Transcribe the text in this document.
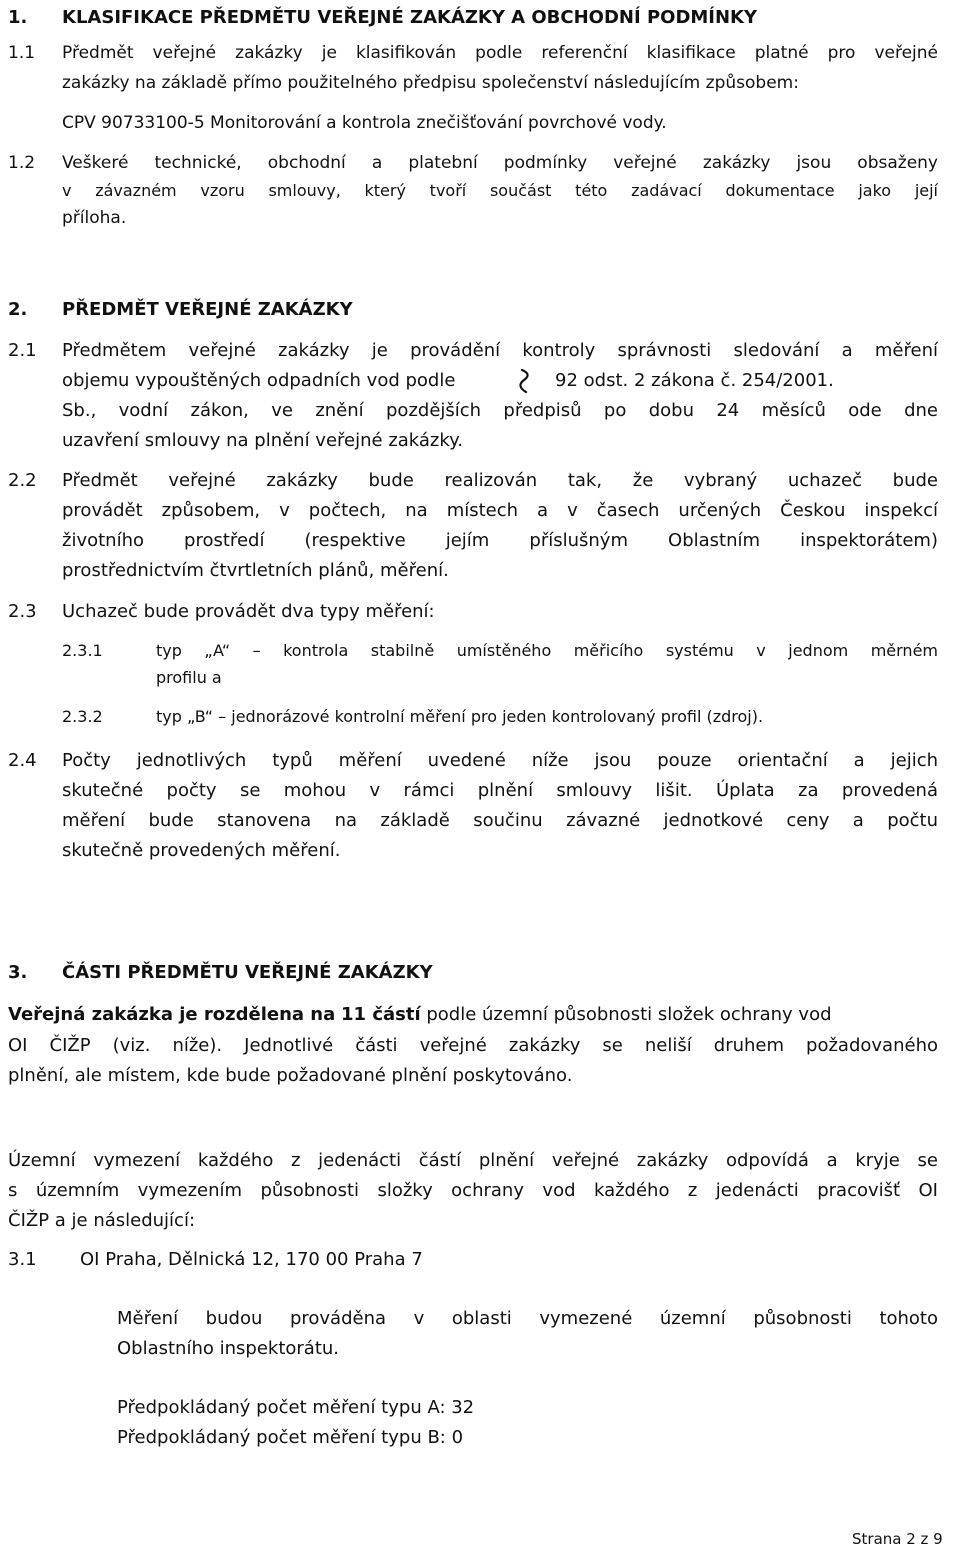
1. KLASIFIKACE PŘEDMĚTU VEŘEJNÉ ZAKÁZKY A OBCHODNÍ PODMÍNKY
1.1 Předmět veřejné zakázky je klasifikován podle referenční klasifikace platné pro veřejné
zakázky na základě přímo použitelného předpisu společenství následujícím způsobem:
CPV 90733100-5 Monitorování a kontrola znečišťování povrchové vody.
1.2 Veškeré technické, obchodní a platební podmínky veřejné zakázky jsou obsaženy
v závazném vzoru smlouvy, který tvoří součást této zadávací dokumentace jako její
příloha.
2. PŘEDMĚT VEŘEJNÉ ZAKÁZKY
2.1 Předmětem veřejné zakázky je provádění kontroly správnosti sledování a měření
objemu vypouštěných odpadních vod podle	92 odst. 2 zákona č. 254/2001.
Sb., vodní zákon, ve znění pozdějších předpisů po dobu 24 měsíců ode dne
uzavření smlouvy na plnění veřejné zakázky.
2.2 Předmět veřejné zakázky bude realizován tak, že vybraný uchazeč bude
provádět způsobem, v počtech, na místech a v časech určených Českou inspekcí
životního prostředí (respektive jejím příslušným Oblastním inspektorátem)
prostřednictvím čtvrtletních plánů, měření.
2.3 Uchazeč bude provádět dva typy měření:
2.3.1	typ „A“ – kontrola stabilně umístěného měřicího systému v jednom měrném
profilu a
2.3.2	typ „B“ – jednorázové kontrolní měření pro jeden kontrolovaný profil (zdroj).
2.4 Počty jednotlivých typů měření uvedené níže jsou pouze orientační a jejich
skutečné počty se mohou v rámci plnění smlouvy lišit. Úplata za provedená
měření bude stanovena na základě součinu závazné jednotkové ceny a počtu
skutečně provedených měření.
3. ČÁSTI PŘEDMĚTU VEŘEJNÉ ZAKÁZKY
Veřejná zakázka je rozdělena na 11 částí podle územní působnosti složek ochrany vod
OI ČIŽP (viz. níže). Jednotlivé části veřejné zakázky se neliší druhem požadovaného
plnění, ale místem, kde bude požadované plnění poskytováno.
Územní vymezení každého z jedenácti částí plnění veřejné zakázky odpovídá a kryje se
s územním vymezením působnosti složky ochrany vod každého z jedenácti pracovišť OI
ČIŽP a je následující:
3.1 OI Praha, Dělnická 12, 170 00 Praha 7
Měření budou prováděna v oblasti vymezené územní působnosti tohoto
Oblastního inspektorátu.
Předpokládaný počet měření typu A: 32
Předpokládaný počet měření typu B: 0
Strana 2 z 9
